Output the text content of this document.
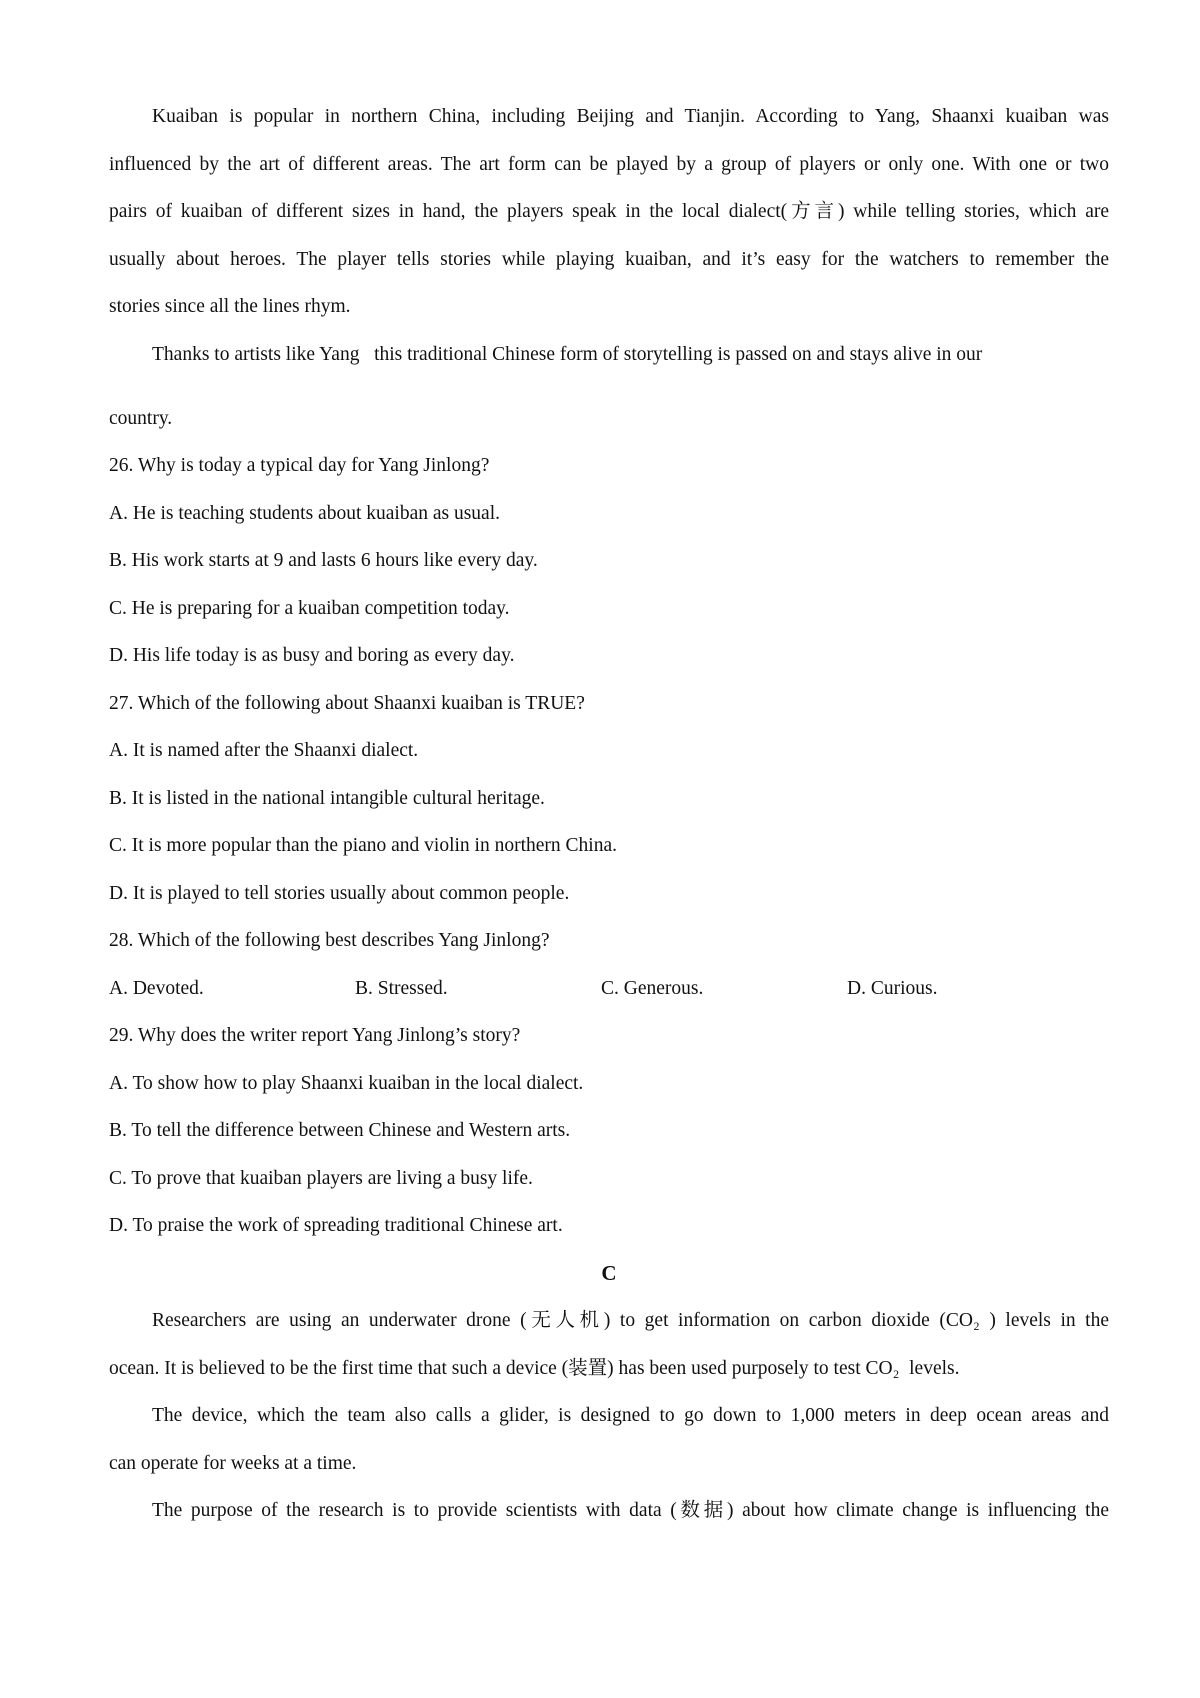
Kuaiban is popular in northern China, including Beijing and Tianjin. According to Yang, Shaanxi kuaiban was
influenced by the art of different areas. The art form can be played by a group of players or only one. With one or two
pairs of kuaiban of different sizes in hand, the players speak in the local dialect(方言) while telling stories, which are
usually about heroes. The player tells stories while playing kuaiban, and it’s easy for the watchers to remember the
stories since all the lines rhym.
Thanks to artists like Yang   this traditional Chinese form of storytelling is passed on and stays alive in our
country.
26. Why is today a typical day for Yang Jinlong?
A. He is teaching students about kuaiban as usual.
B. His work starts at 9 and lasts 6 hours like every day.
C. He is preparing for a kuaiban competition today.
D. His life today is as busy and boring as every day.
27. Which of the following about Shaanxi kuaiban is TRUE?
A. It is named after the Shaanxi dialect.
B. It is listed in the national intangible cultural heritage.
C. It is more popular than the piano and violin in northern China.
D. It is played to tell stories usually about common people.
28. Which of the following best describes Yang Jinlong?
A. Devoted.	B. Stressed.	C. Generous.	D. Curious.
29. Why does the writer report Yang Jinlong’s story?
A. To show how to play Shaanxi kuaiban in the local dialect.
B. To tell the difference between Chinese and Western arts.
C. To prove that kuaiban players are living a busy life.
D. To praise the work of spreading traditional Chinese art.
C
Researchers are using an underwater drone (无人机) to get information on carbon dioxide (CO₂ ) levels in the
ocean. It is believed to be the first time that such a device (装置) has been used purposely to test CO₂  levels.
The device, which the team also calls a glider, is designed to go down to 1,000 meters in deep ocean areas and
can operate for weeks at a time.
The purpose of the research is to provide scientists with data (数据) about how climate change is influencing the
